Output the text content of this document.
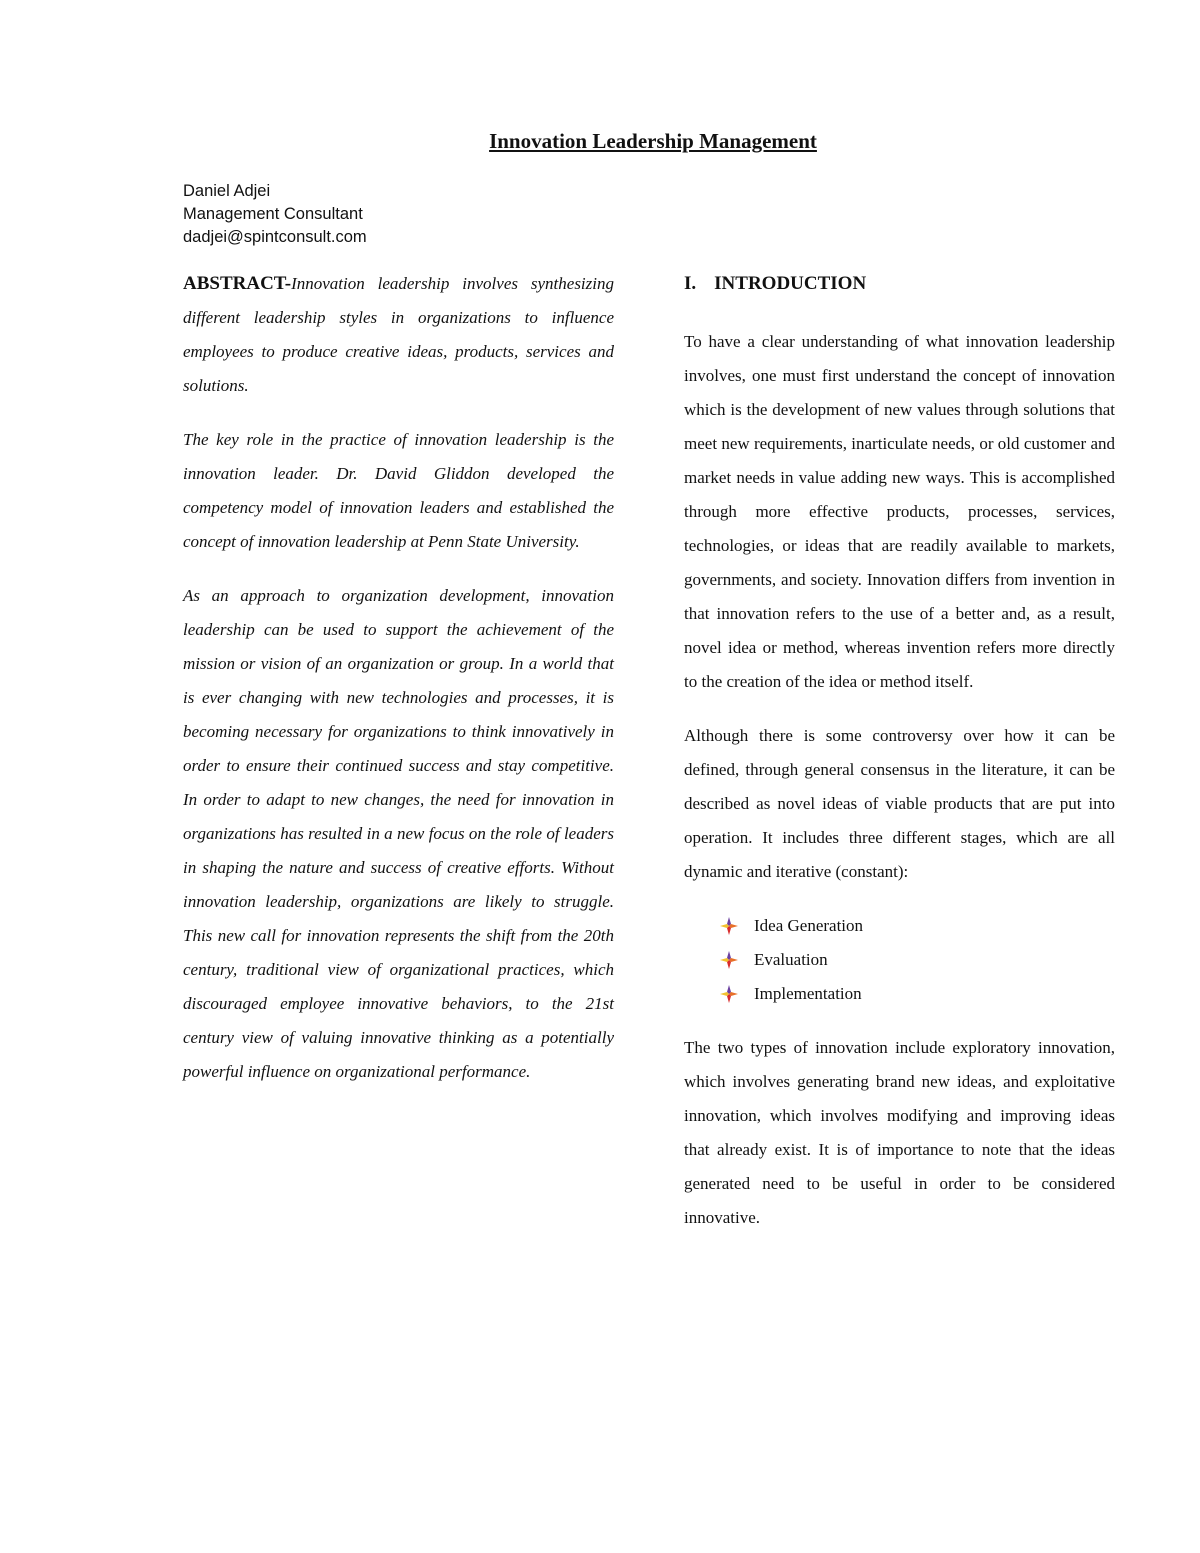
Innovation Leadership Management
Daniel Adjei
Management Consultant
dadjei@spintconsult.com

ABSTRACT-Innovation leadership involves synthesizing different leadership styles in organizations to influence employees to produce creative ideas, products, services and solutions.

The key role in the practice of innovation leadership is the innovation leader. Dr. David Gliddon developed the competency model of innovation leaders and established the concept of innovation leadership at Penn State University.

As an approach to organization development, innovation leadership can be used to support the achievement of the mission or vision of an organization or group. In a world that is ever changing with new technologies and processes, it is becoming necessary for organizations to think innovatively in order to ensure their continued success and stay competitive. In order to adapt to new changes, the need for innovation in organizations has resulted in a new focus on the role of leaders in shaping the nature and success of creative efforts. Without innovation leadership, organizations are likely to struggle. This new call for innovation represents the shift from the 20th century, traditional view of organizational practices, which discouraged employee innovative behaviors, to the 21st century view of valuing innovative thinking as a potentially powerful influence on organizational performance.

I. INTRODUCTION

To have a clear understanding of what innovation leadership involves, one must first understand the concept of innovation which is the development of new values through solutions that meet new requirements, inarticulate needs, or old customer and market needs in value adding new ways. This is accomplished through more effective products, processes, services, technologies, or ideas that are readily available to markets, governments, and society. Innovation differs from invention in that innovation refers to the use of a better and, as a result, novel idea or method, whereas invention refers more directly to the creation of the idea or method itself.

Although there is some controversy over how it can be defined, through general consensus in the literature, it can be described as novel ideas of viable products that are put into operation. It includes three different stages, which are all dynamic and iterative (constant):

Idea Generation
Evaluation
Implementation

The two types of innovation include exploratory innovation, which involves generating brand new ideas, and exploitative innovation, which involves modifying and improving ideas that already exist. It is of importance to note that the ideas generated need to be useful in order to be considered innovative.
